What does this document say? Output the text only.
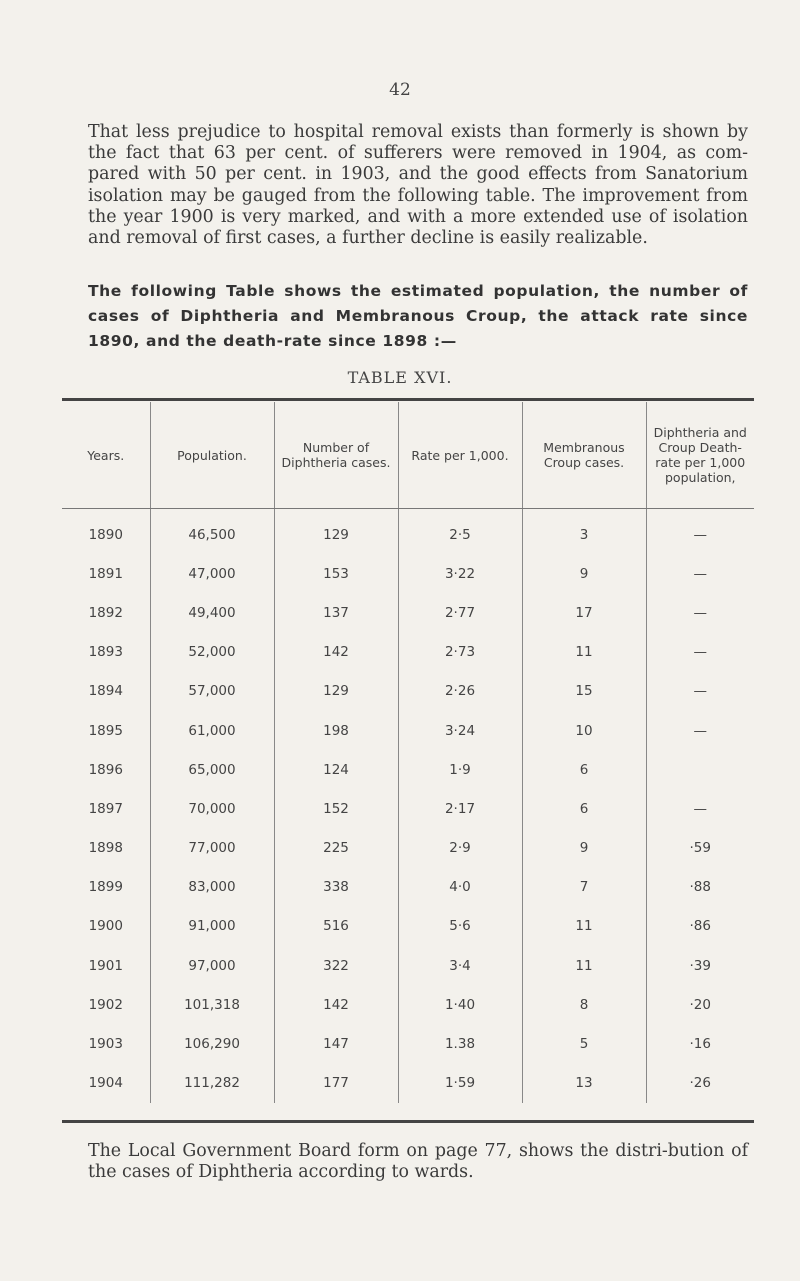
42

That less prejudice to hospital removal exists than formerly is shown by the fact that 63 per cent. of sufferers were removed in 1904, as com-pared with 50 per cent. in 1903, and the good effects from Sanatorium isolation may be gauged from the following table. The improvement from the year 1900 is very marked, and with a more extended use of isolation and removal of first cases, a further decline is easily realizable.

The following Table shows the estimated population, the number of cases of Diphtheria and Membranous Croup, the attack rate since 1890, and the death-rate since 1898 :—

TABLE XVI.
Years.	Population.	Number of Diphtheria cases.	Rate per 1,000.	Membranous Croup cases.	Diphtheria and Croup Death-rate per 1,000 population,
1890	46,500	129	2·5	3	—
1891	47,000	153	3·22	9	—
1892	49,400	137	2·77	17	—
1893	52,000	142	2·73	11	—
1894	57,000	129	2·26	15	—
1895	61,000	198	3·24	10	—
1896	65,000	124	1·9	6	
1897	70,000	152	2·17	6	—
1898	77,000	225	2·9	9	·59
1899	83,000	338	4·0	7	·88
1900	91,000	516	5·6	11	·86
1901	97,000	322	3·4	11	·39
1902	101,318	142	1·40	8	·20
1903	106,290	147	1.38	5	·16
1904	111,282	177	1·59	13	·26

The Local Government Board form on page 77, shows the distri-bution of the cases of Diphtheria according to wards.
